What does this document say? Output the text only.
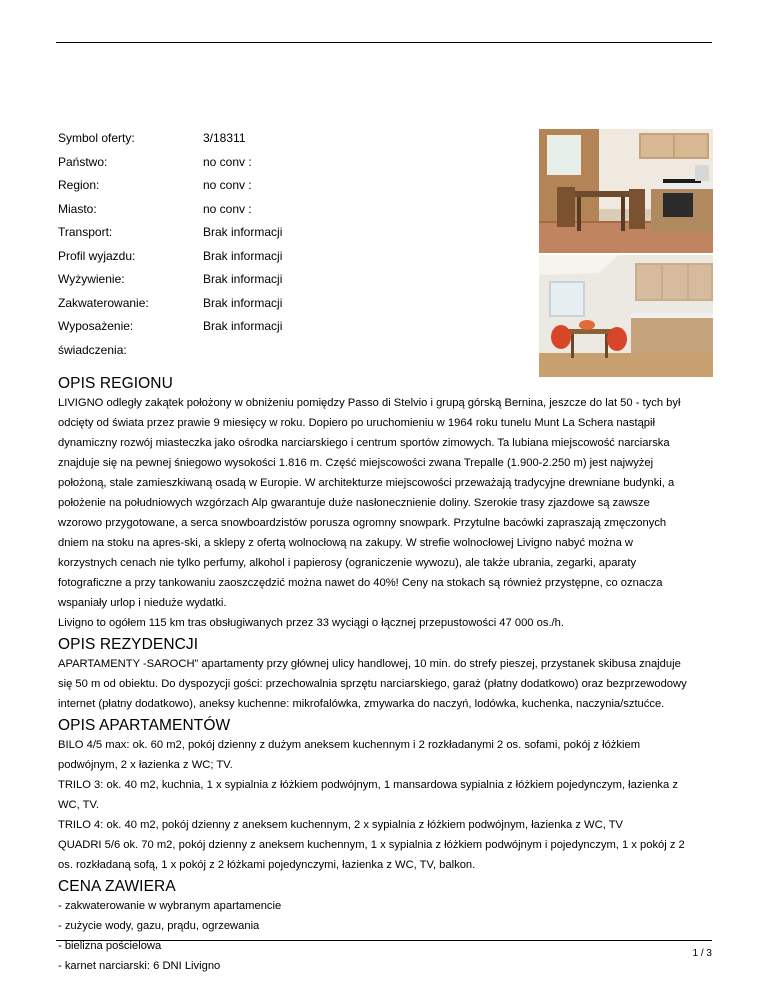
Symbol oferty:	3/18311
Państwo:	no conv :
Region:	no conv :
Miasto:	no conv :
Transport:	Brak informacji
Profil wyjazdu:	Brak informacji
Wyżywienie:	Brak informacji
Zakwaterowanie:	Brak informacji
Wyposażenie:	Brak informacji
świadczenia:
OPIS REGIONU

LIVIGNO odległy zakątek położony w obniżeniu pomiędzy Passo di Stelvio i grupą górską Bernina, jeszcze do lat 50 - tych był
odcięty od świata przez prawie 9 miesięcy w roku. Dopiero po uruchomieniu w 1964 roku tunelu Munt La Schera nastąpił
dynamiczny rozwój miasteczka jako ośrodka narciarskiego i centrum sportów zimowych. Ta lubiana miejscowość narciarska
znajduje się na pewnej śniegowo wysokości 1.816 m. Część miejscowości zwana Trepalle (1.900-2.250 m) jest najwyżej
położoną, stale zamieszkiwaną osadą w Europie. W architekturze miejscowości przeważają tradycyjne drewniane budynki, a
położenie na południowych wzgórzach Alp gwarantuje duże nasłonecznienie doliny. Szerokie trasy zjazdowe są zawsze
wzorowo przygotowane, a serca snowboardzistów porusza ogromny snowpark. Przytulne bacówki zapraszają zmęczonych
dniem na stoku na apres-ski, a sklepy z ofertą wolnocłową na zakupy. W strefie wolnocłowej Livigno nabyć można w
korzystnych cenach nie tylko perfumy, alkohol i papierosy (ograniczenie wywozu), ale także ubrania, zegarki, aparaty
fotograficzne a przy tankowaniu zaoszczędzić można nawet do 40%! Ceny na stokach są również przystępne, co oznacza
wspaniały urlop i nieduże wydatki.
Livigno to ogółem 115 km tras obsługiwanych przez 33 wyciągi o łącznej przepustowości 47 000 os./h.

OPIS REZYDENCJI

APARTAMENTY -SAROCH” apartamenty przy głównej ulicy handlowej, 10 min. do strefy pieszej, przystanek skibusa znajduje
się 50 m od obiektu. Do dyspozycji gości: przechowalnia sprzętu narciarskiego, garaż (płatny dodatkowo) oraz bezprzewodowy
internet (płatny dodatkowo), aneksy kuchenne: mikrofalówka, zmywarka do naczyń, lodówka, kuchenka, naczynia/sztućce.

OPIS APARTAMENTÓW

BILO 4/5 max: ok. 60 m2, pokój dzienny z dużym aneksem kuchennym i 2 rozkładanymi 2 os. sofami, pokój z łóżkiem
podwójnym, 2 x łazienka z WC; TV.
TRILO 3: ok. 40 m2, kuchnia, 1 x sypialnia z łóżkiem podwójnym, 1 mansardowa sypialnia z łóżkiem pojedynczym, łazienka z
WC, TV.
TRILO 4: ok. 40 m2, pokój dzienny z aneksem kuchennym, 2 x sypialnia z łóżkiem podwójnym, łazienka z WC, TV
QUADRI 5/6 ok. 70 m2, pokój dzienny z aneksem kuchennym, 1 x sypialnia z łóżkiem podwójnym i pojedynczym, 1 x pokój z 2
os. rozkładaną sofą, 1 x pokój z 2 łóżkami pojedynczymi, łazienka z WC, TV, balkon.

CENA ZAWIERA
- zakwaterowanie w wybranym apartamencie
- zużycie wody, gazu, prądu, ogrzewania
- bielizna pościelowa
- karnet narciarski: 6 DNI Livigno
1 / 3
